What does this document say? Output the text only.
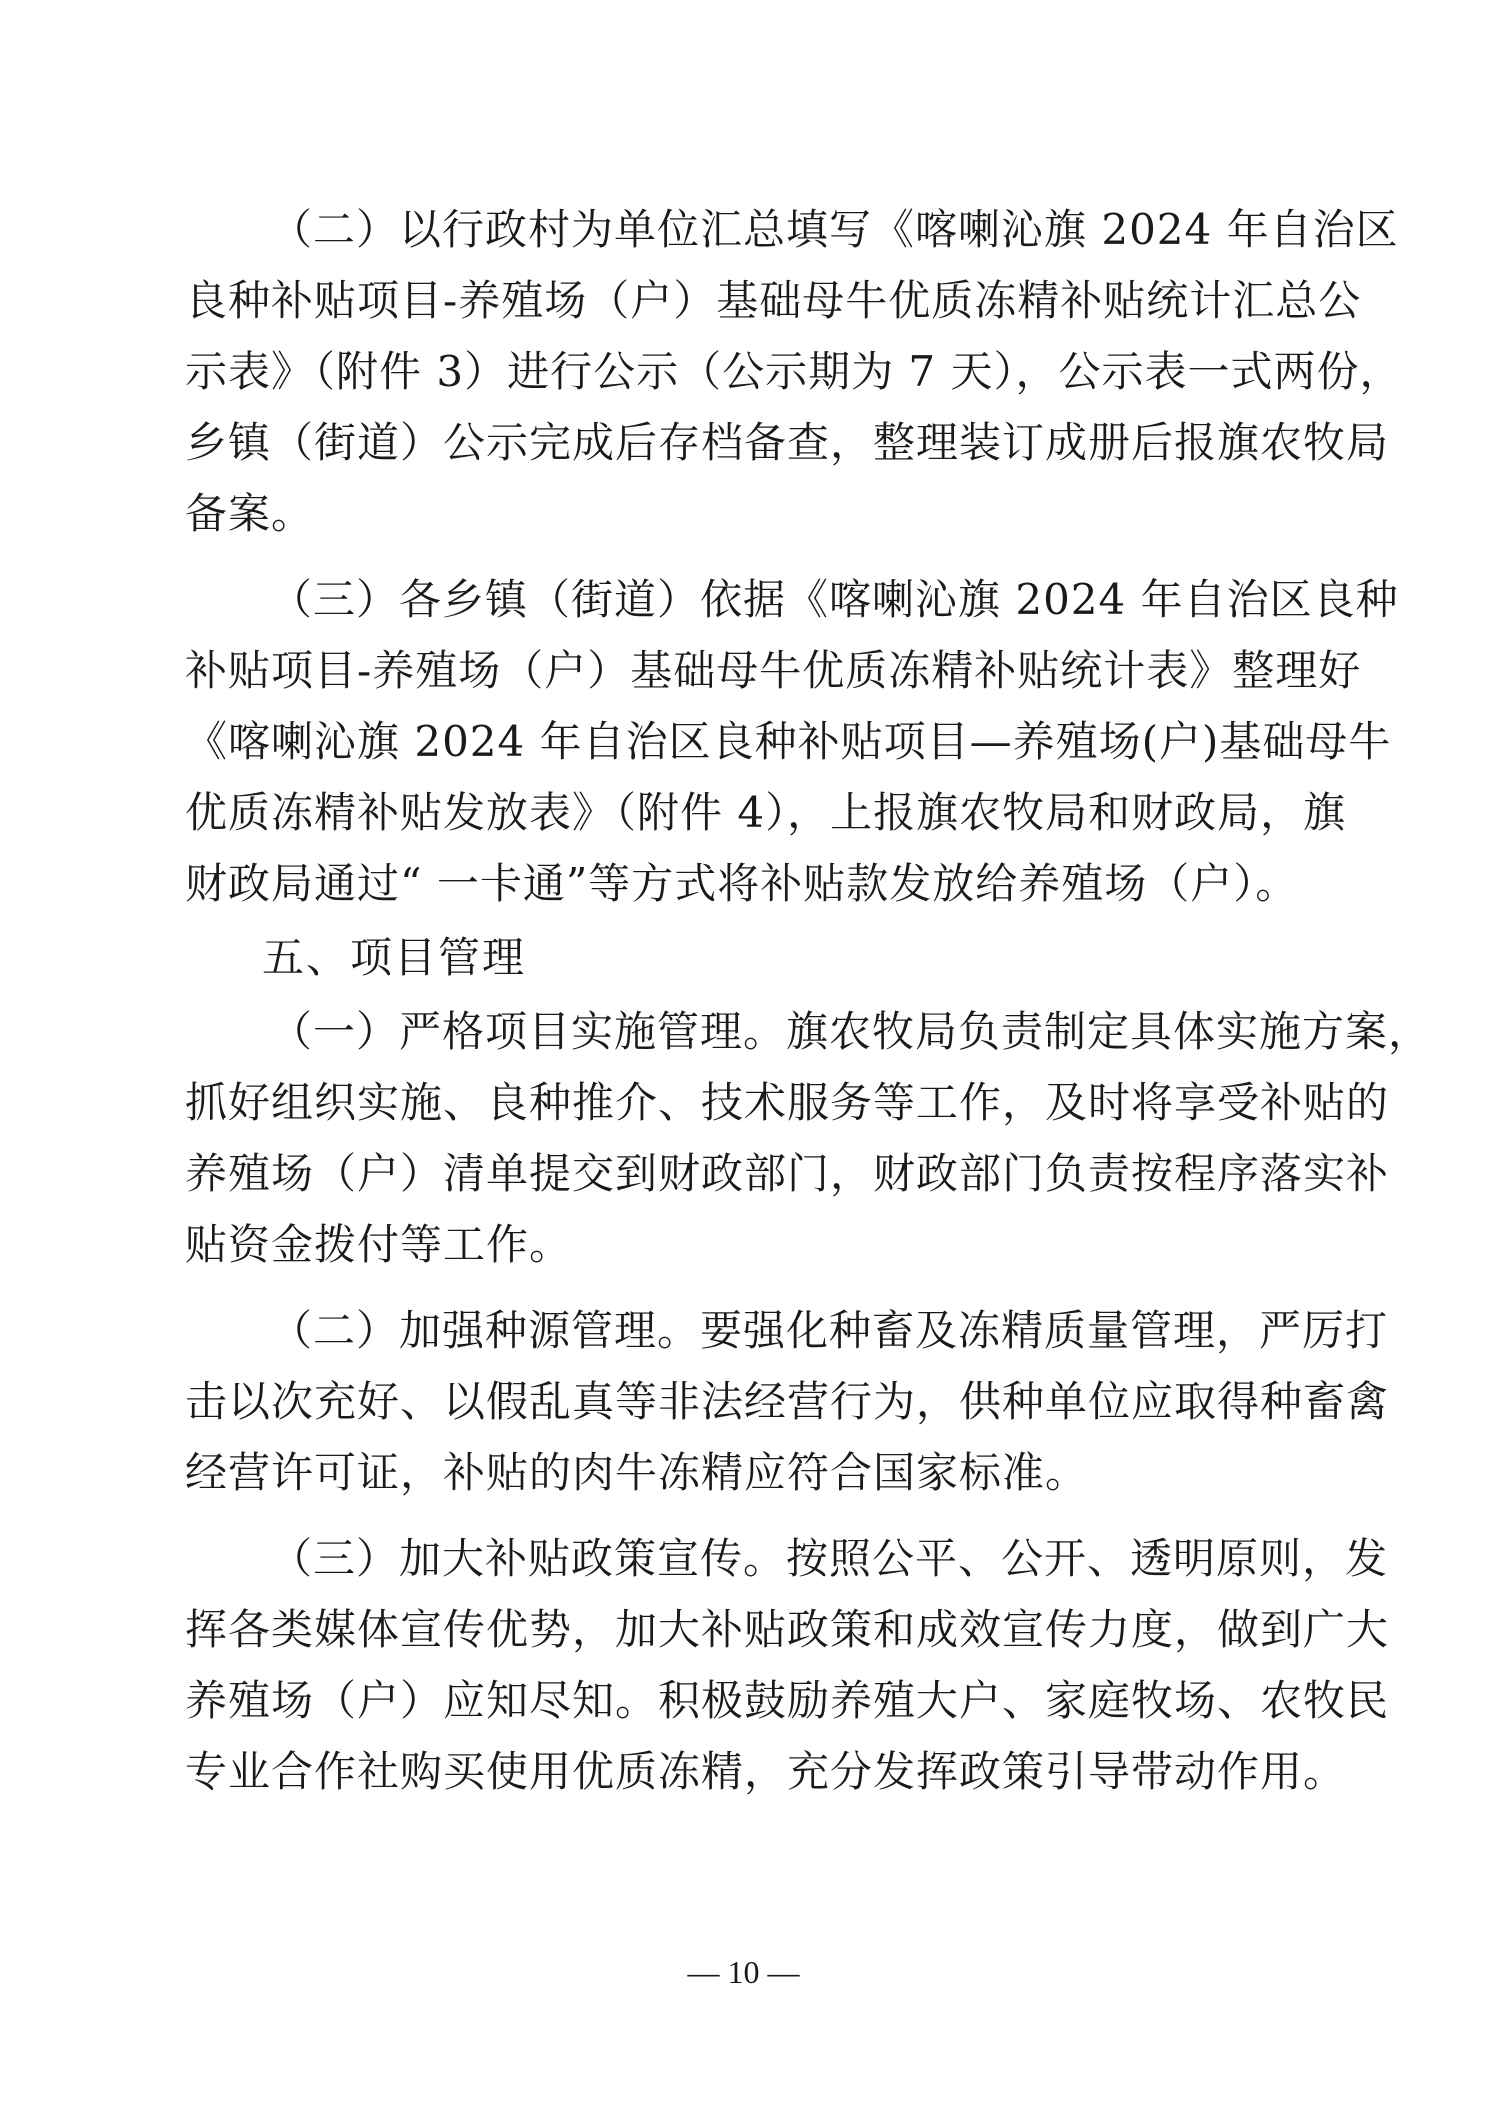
（二）以行政村为单位汇总填写《喀喇沁旗 2024 年自治区
良种补贴项目-养殖场（户）基础母牛优质冻精补贴统计汇总公
示表》（附件 3）进行公示（公示期为 7 天），公示表一式两份，
乡镇（街道）公示完成后存档备查，整理装订成册后报旗农牧局
备案。
（三）各乡镇（街道）依据《喀喇沁旗 2024 年自治区良种
补贴项目-养殖场（户）基础母牛优质冻精补贴统计表》整理好
《喀喇沁旗 2024 年自治区良种补贴项目—养殖场(户)基础母牛
优质冻精补贴发放表》（附件 4），上报旗农牧局和财政局，旗
财政局通过“ 一卡通”等方式将补贴款发放给养殖场（户）。
五、项目管理
（一）严格项目实施管理。旗农牧局负责制定具体实施方案，
抓好组织实施、良种推介、技术服务等工作，及时将享受补贴的
养殖场（户）清单提交到财政部门，财政部门负责按程序落实补
贴资金拨付等工作。
（二）加强种源管理。要强化种畜及冻精质量管理，严厉打
击以次充好、以假乱真等非法经营行为，供种单位应取得种畜禽
经营许可证，补贴的肉牛冻精应符合国家标准。
（三）加大补贴政策宣传。按照公平、公开、透明原则，发
挥各类媒体宣传优势，加大补贴政策和成效宣传力度，做到广大
养殖场（户）应知尽知。积极鼓励养殖大户、家庭牧场、农牧民
专业合作社购买使用优质冻精，充分发挥政策引导带动作用。
— 10 —
